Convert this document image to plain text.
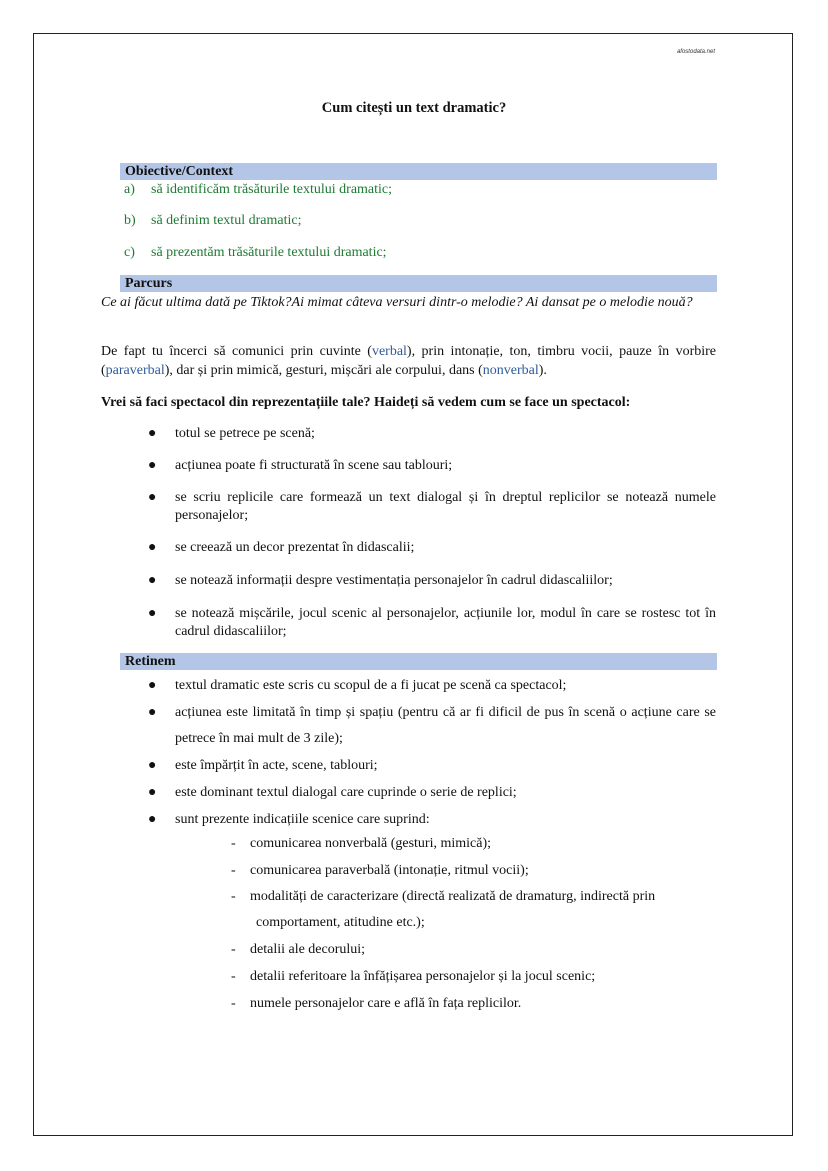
afostodata.net
Cum citești un text dramatic?
Obiective/Context
a) să identificăm trăsăturile textului dramatic;
b) să definim textul dramatic;
c) să prezentăm trăsăturile textului dramatic;
Parcurs
Ce ai făcut ultima dată pe Tiktok?Ai mimat câteva versuri dintr-o melodie? Ai dansat pe o melodie nouă?
De fapt tu încerci să comunici prin cuvinte (verbal), prin intonație, ton, timbru vocii, pauze în vorbire (paraverbal), dar și prin mimică, gesturi, mișcări ale corpului, dans (nonverbal).
Vrei să faci spectacol din reprezentațiile tale? Haideți să vedem cum se face un spectacol:
● totul se petrece pe scenă;
● acțiunea poate fi structurată în scene sau tablouri;
● se scriu replicile care formează un text dialogal și în dreptul replicilor se notează numele personajelor;
● se creează un decor prezentat în didascalii;
● se notează informații despre vestimentația personajelor în cadrul didascaliilor;
● se notează mișcările, jocul scenic al personajelor, acțiunile lor, modul în care se rostesc tot în cadrul didascaliilor;
Retinem
● textul dramatic este scris cu scopul de a fi jucat pe scenă ca spectacol;
● acțiunea este limitată în timp și spațiu (pentru că ar fi dificil de pus în scenă o acțiune care se petrece în mai mult de 3 zile);
● este împărțit în acte, scene, tablouri;
● este dominant textul dialogal care cuprinde o serie de replici;
● sunt prezente indicațiile scenice care suprind:
- comunicarea nonverbală (gesturi, mimică);
- comunicarea paraverbală (intonație, ritmul vocii);
- modalități de caracterizare (directă realizată de dramaturg, indirectă prin
comportament, atitudine etc.);
- detalii ale decorului;
- detalii referitoare la înfățișarea personajelor și la jocul scenic;
- numele personajelor care e află în fața replicilor.
